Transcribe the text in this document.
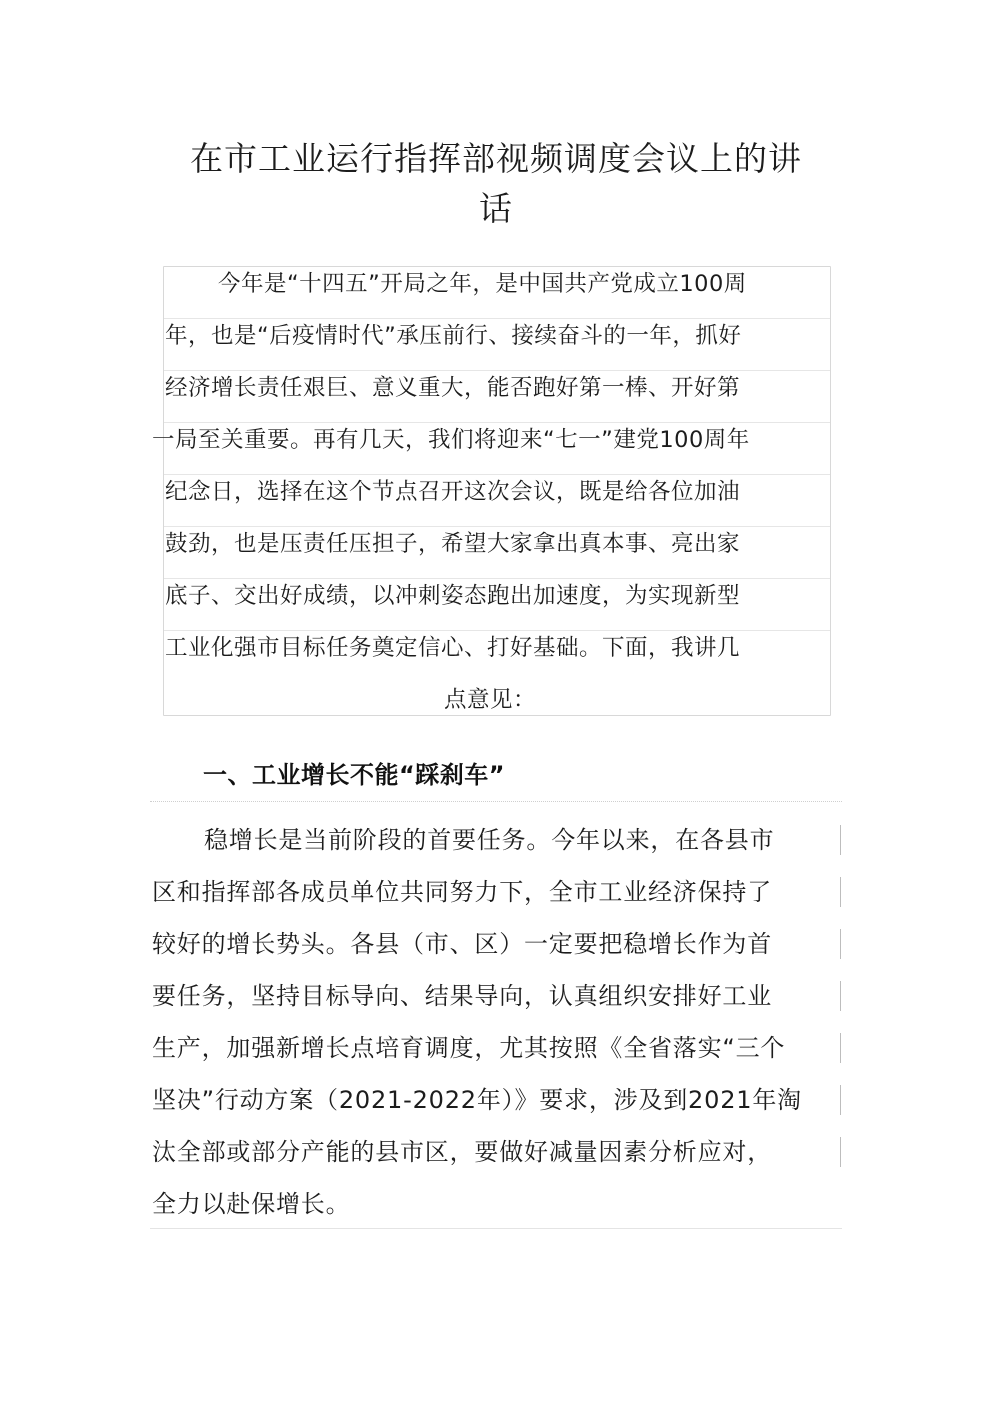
在市工业运行指挥部视频调度会议上的讲
话
今年是“十四五”开局之年，是中国共产党成立100周
年，也是“后疫情时代”承压前行、接续奋斗的一年，抓好
经济增长责任艰巨、意义重大，能否跑好第一棒、开好第
一局至关重要。再有几天，我们将迎来“七一”建党100周年
纪念日，选择在这个节点召开这次会议，既是给各位加油
鼓劲，也是压责任压担子，希望大家拿出真本事、亮出家
底子、交出好成绩，以冲刺姿态跑出加速度，为实现新型
工业化强市目标任务奠定信心、打好基础。下面，我讲几
点意见：
一、工业增长不能“踩刹车”
稳增长是当前阶段的首要任务。今年以来，在各县市
区和指挥部各成员单位共同努力下，全市工业经济保持了
较好的增长势头。各县（市、区）一定要把稳增长作为首
要任务，坚持目标导向、结果导向，认真组织安排好工业
生产，加强新增长点培育调度，尤其按照《全省落实“三个
坚决”行动方案（2021-2022年）》要求，涉及到2021年淘
汰全部或部分产能的县市区，要做好减量因素分析应对，
全力以赴保增长。
